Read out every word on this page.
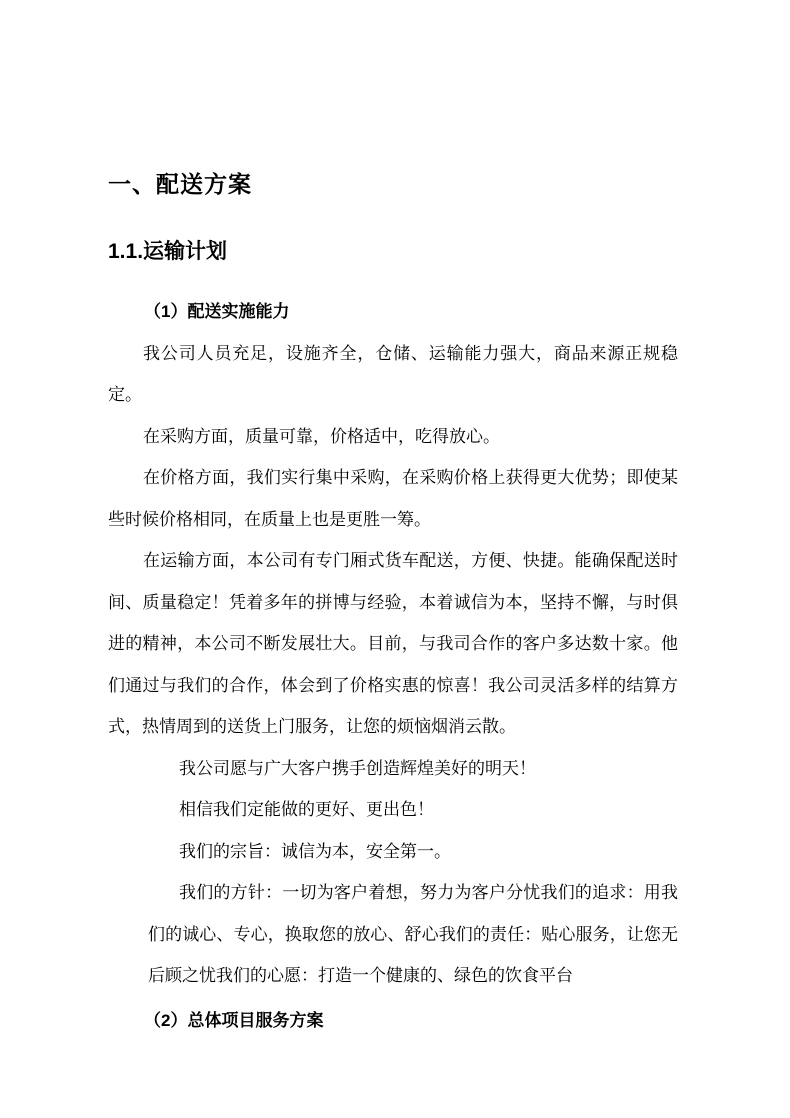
一、配送方案
1.1.运输计划
（1）配送实施能力

我公司人员充足，设施齐全，仓储、运输能力强大，商品来源正规稳定。

在采购方面，质量可靠，价格适中，吃得放心。

在价格方面，我们实行集中采购，在采购价格上获得更大优势；即使某些时候价格相同，在质量上也是更胜一筹。

在运输方面，本公司有专门厢式货车配送，方便、快捷。能确保配送时间、质量稳定！凭着多年的拼博与经验，本着诚信为本，坚持不懈，与时俱进的精神，本公司不断发展壮大。目前，与我司合作的客户多达数十家。他们通过与我们的合作，体会到了价格实惠的惊喜！我公司灵活多样的结算方式，热情周到的送货上门服务，让您的烦恼烟消云散。

我公司愿与广大客户携手创造辉煌美好的明天！

相信我们定能做的更好、更出色！

我们的宗旨：诚信为本，安全第一。

我们的方针：一切为客户着想，努力为客户分忧我们的追求：用我们的诚心、专心，换取您的放心、舒心我们的责任：贴心服务，让您无后顾之忧我们的心愿：打造一个健康的、绿色的饮食平台

（2）总体项目服务方案
